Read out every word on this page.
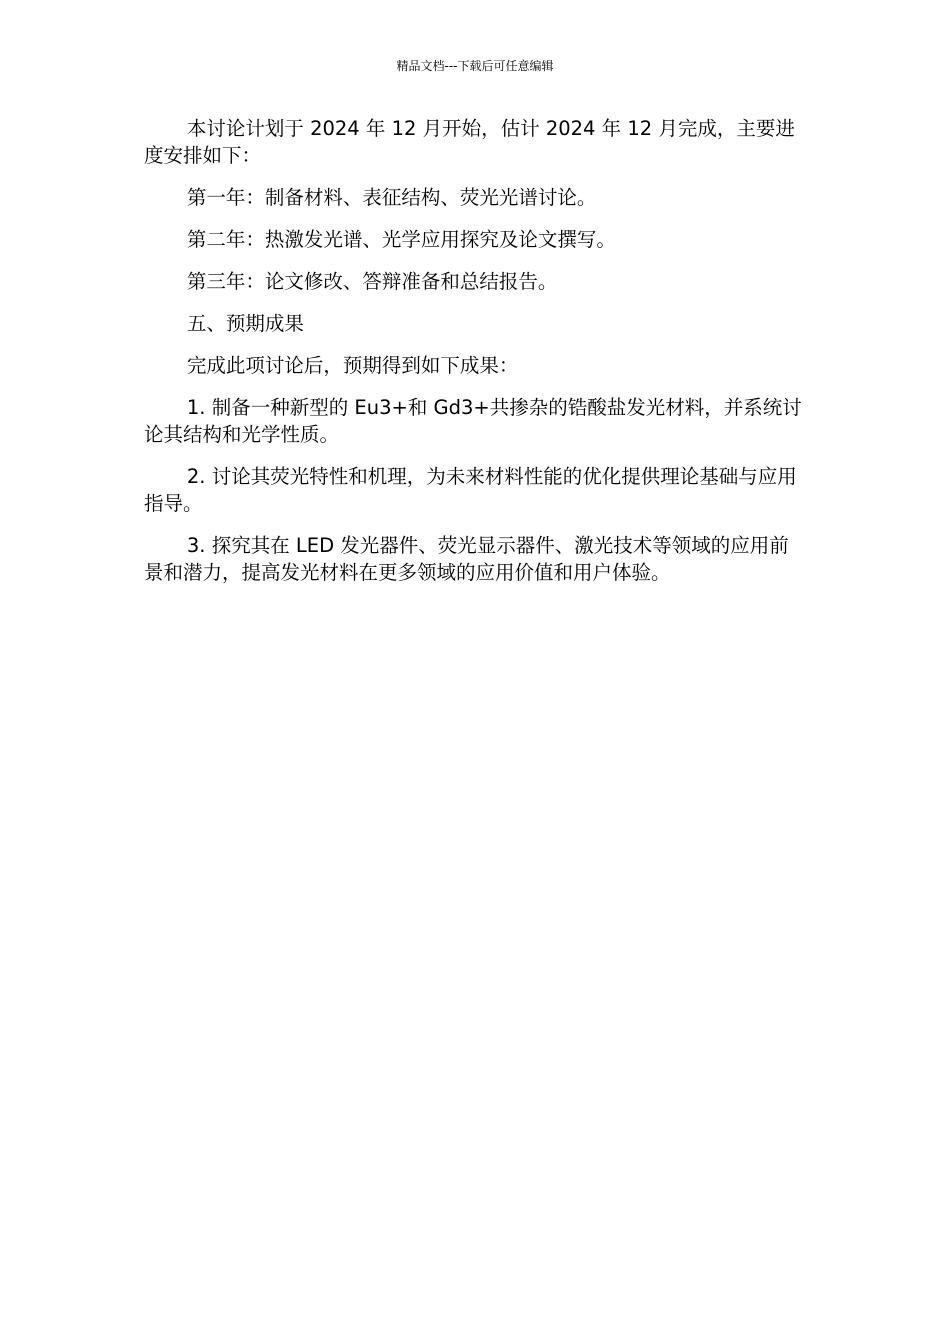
精品文档---下载后可任意编辑

本讨论计划于 2024 年 12 月开始，估计 2024 年 12 月完成，主要进度安排如下：

第一年：制备材料、表征结构、荧光光谱讨论。

第二年：热激发光谱、光学应用探究及论文撰写。

第三年：论文修改、答辩准备和总结报告。

五、预期成果

完成此项讨论后，预期得到如下成果：

1. 制备一种新型的 Eu3+和 Gd3+共掺杂的锆酸盐发光材料，并系统讨论其结构和光学性质。

2. 讨论其荧光特性和机理，为未来材料性能的优化提供理论基础与应用指导。

3. 探究其在 LED 发光器件、荧光显示器件、激光技术等领域的应用前景和潜力，提高发光材料在更多领域的应用价值和用户体验。
